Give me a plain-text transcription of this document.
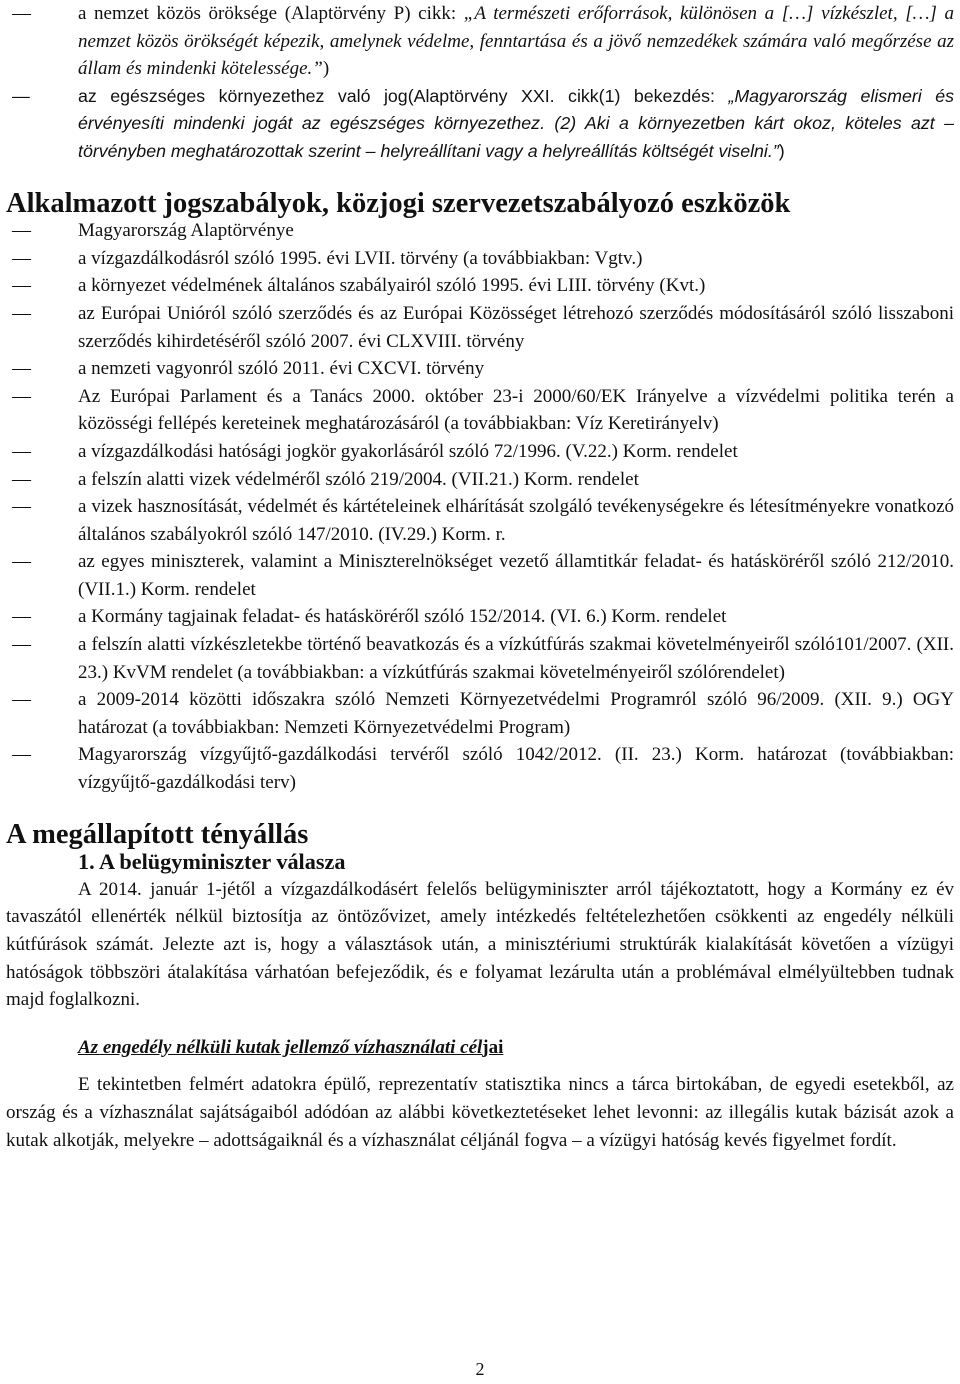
—
a nemzet közös öröksége (Alaptörvény P) cikk: „A természeti erőforrások, különösen a […] vízkészlet, […] a nemzet közös örökségét képezik, amelynek védelme, fenntartása és a jövő nemzedékek számára való megőrzése az állam és mindenki kötelessége.”)
—
az egészséges környezethez való jog(Alaptörvény XXI. cikk(1) bekezdés: „Magyarország elismeri és érvényesíti mindenki jogát az egészséges környezethez. (2) Aki a környezetben kárt okoz, köteles azt – törvényben meghatározottak szerint – helyreállítani vagy a helyreállítás költségét viselni.”)
Alkalmazott jogszabályok, közjogi szervezetszabályozó eszközök
—
Magyarország Alaptörvénye
—
a vízgazdálkodásról szóló 1995. évi LVII. törvény (a továbbiakban: Vgtv.)
—
a környezet védelmének általános szabályairól szóló 1995. évi LIII. törvény (Kvt.)
—
az Európai Unióról szóló szerződés és az Európai Közösséget létrehozó szerződés módosításáról szóló lisszaboni szerződés kihirdetéséről szóló 2007. évi CLXVIII. törvény
—
a nemzeti vagyonról szóló 2011. évi CXCVI. törvény
—
Az Európai Parlament és a Tanács 2000. október 23-i 2000/60/EK Irányelve a vízvédelmi politika terén a közösségi fellépés kereteinek meghatározásáról (a továbbiakban: Víz Keretirányelv)
—
a vízgazdálkodási hatósági jogkör gyakorlásáról szóló 72/1996. (V.22.) Korm. rendelet
—
a felszín alatti vizek védelméről szóló 219/2004. (VII.21.) Korm. rendelet
—
a vizek hasznosítását, védelmét és kártételeinek elhárítását szolgáló tevékenységekre és létesítményekre vonatkozó általános szabályokról szóló 147/2010. (IV.29.) Korm. r.
—
az egyes miniszterek, valamint a Miniszterelnökséget vezető államtitkár feladat- és hatásköréről szóló 212/2010. (VII.1.) Korm. rendelet
—
a Kormány tagjainak feladat- és hatásköréről szóló 152/2014. (VI. 6.) Korm. rendelet
—
a felszín alatti vízkészletekbe történő beavatkozás és a vízkútfúrás szakmai követelményeiről szóló101/2007. (XII. 23.) KvVM rendelet (a továbbiakban: a vízkútfúrás szakmai követelményeiről szólórendelet)
—
a 2009-2014 közötti időszakra szóló Nemzeti Környezetvédelmi Programról szóló 96/2009. (XII. 9.) OGY határozat (a továbbiakban: Nemzeti Környezetvédelmi Program)
—
Magyarország vízgyűjtő-gazdálkodási tervéről szóló 1042/2012. (II. 23.) Korm. határozat (továbbiakban: vízgyűjtő-gazdálkodási terv)
A megállapított tényállás
1. A belügyminiszter válasza

A 2014. január 1-jétől a vízgazdálkodásért felelős belügyminiszter arról tájékoztatott, hogy a Kormány ez év tavaszától ellenérték nélkül biztosítja az öntözővizet, amely intézkedés feltételezhetően csökkenti az engedély nélküli kútfúrások számát. Jelezte azt is, hogy a választások után, a minisztériumi struktúrák kialakítását követően a vízügyi hatóságok többszöri átalakítása várhatóan befejeződik, és e folyamat lezárulta után a problémával elmélyültebben tudnak majd foglalkozni.

Az engedély nélküli kutak jellemző vízhasználati céljai

E tekintetben felmért adatokra épülő, reprezentatív statisztika nincs a tárca birtokában, de egyedi esetekből, az ország és a vízhasználat sajátságaiból adódóan az alábbi következtetéseket lehet levonni: az illegális kutak bázisát azok a kutak alkotják, melyekre – adottságaiknál és a vízhasználat céljánál fogva – a vízügyi hatóság kevés figyelmet fordít.

2
